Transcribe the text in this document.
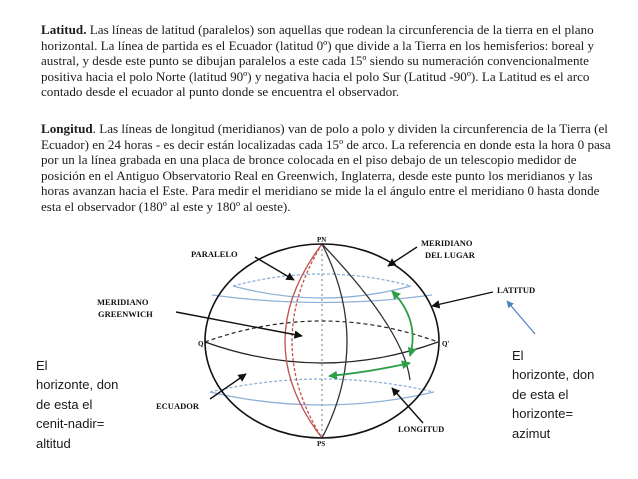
Latitud. Las líneas de latitud (paralelos) son aquellas que rodean la circunferencia de la tierra en el plano horizontal. La línea de partida es el Ecuador (latitud 0º) que divide a la Tierra en los hemisferios: boreal y austral, y desde este punto se dibujan paralelos a este cada 15º siendo su numeración convencionalmente positiva hacia el polo Norte (latitud 90º) y negativa hacia el polo Sur (Latitud -90º). La Latitud es el arco contado desde el ecuador al punto donde se encuentra el observador.

Longitud. Las líneas de longitud (meridianos) van de polo a polo y dividen la circunferencia de la Tierra (el Ecuador) en 24 horas - es decir están localizadas cada 15º de arco. La referencia en donde esta la hora 0 pasa por un la línea grabada en una placa de bronce colocada en el piso debajo de un telescopio medidor de posición en el Antiguo Observatorio Real en Greenwich, Inglaterra, desde este punto los meridianos y las horas avanzan hacia el Este. Para medir el meridiano se mide la el ángulo entre el meridiano 0 hasta donde esta el observador (180º al este y 180º al oeste).

PN
PS
Q	Q'
PARALELO
MERIDIANO
DEL LUGAR
LATITUD
MERIDIANO
GREENWICH
ECUADOR
LONGITUD
El
horizonte, don
de esta el
cenit-nadir=
altitud
El
horizonte, don
de esta el
horizonte=
azimut
